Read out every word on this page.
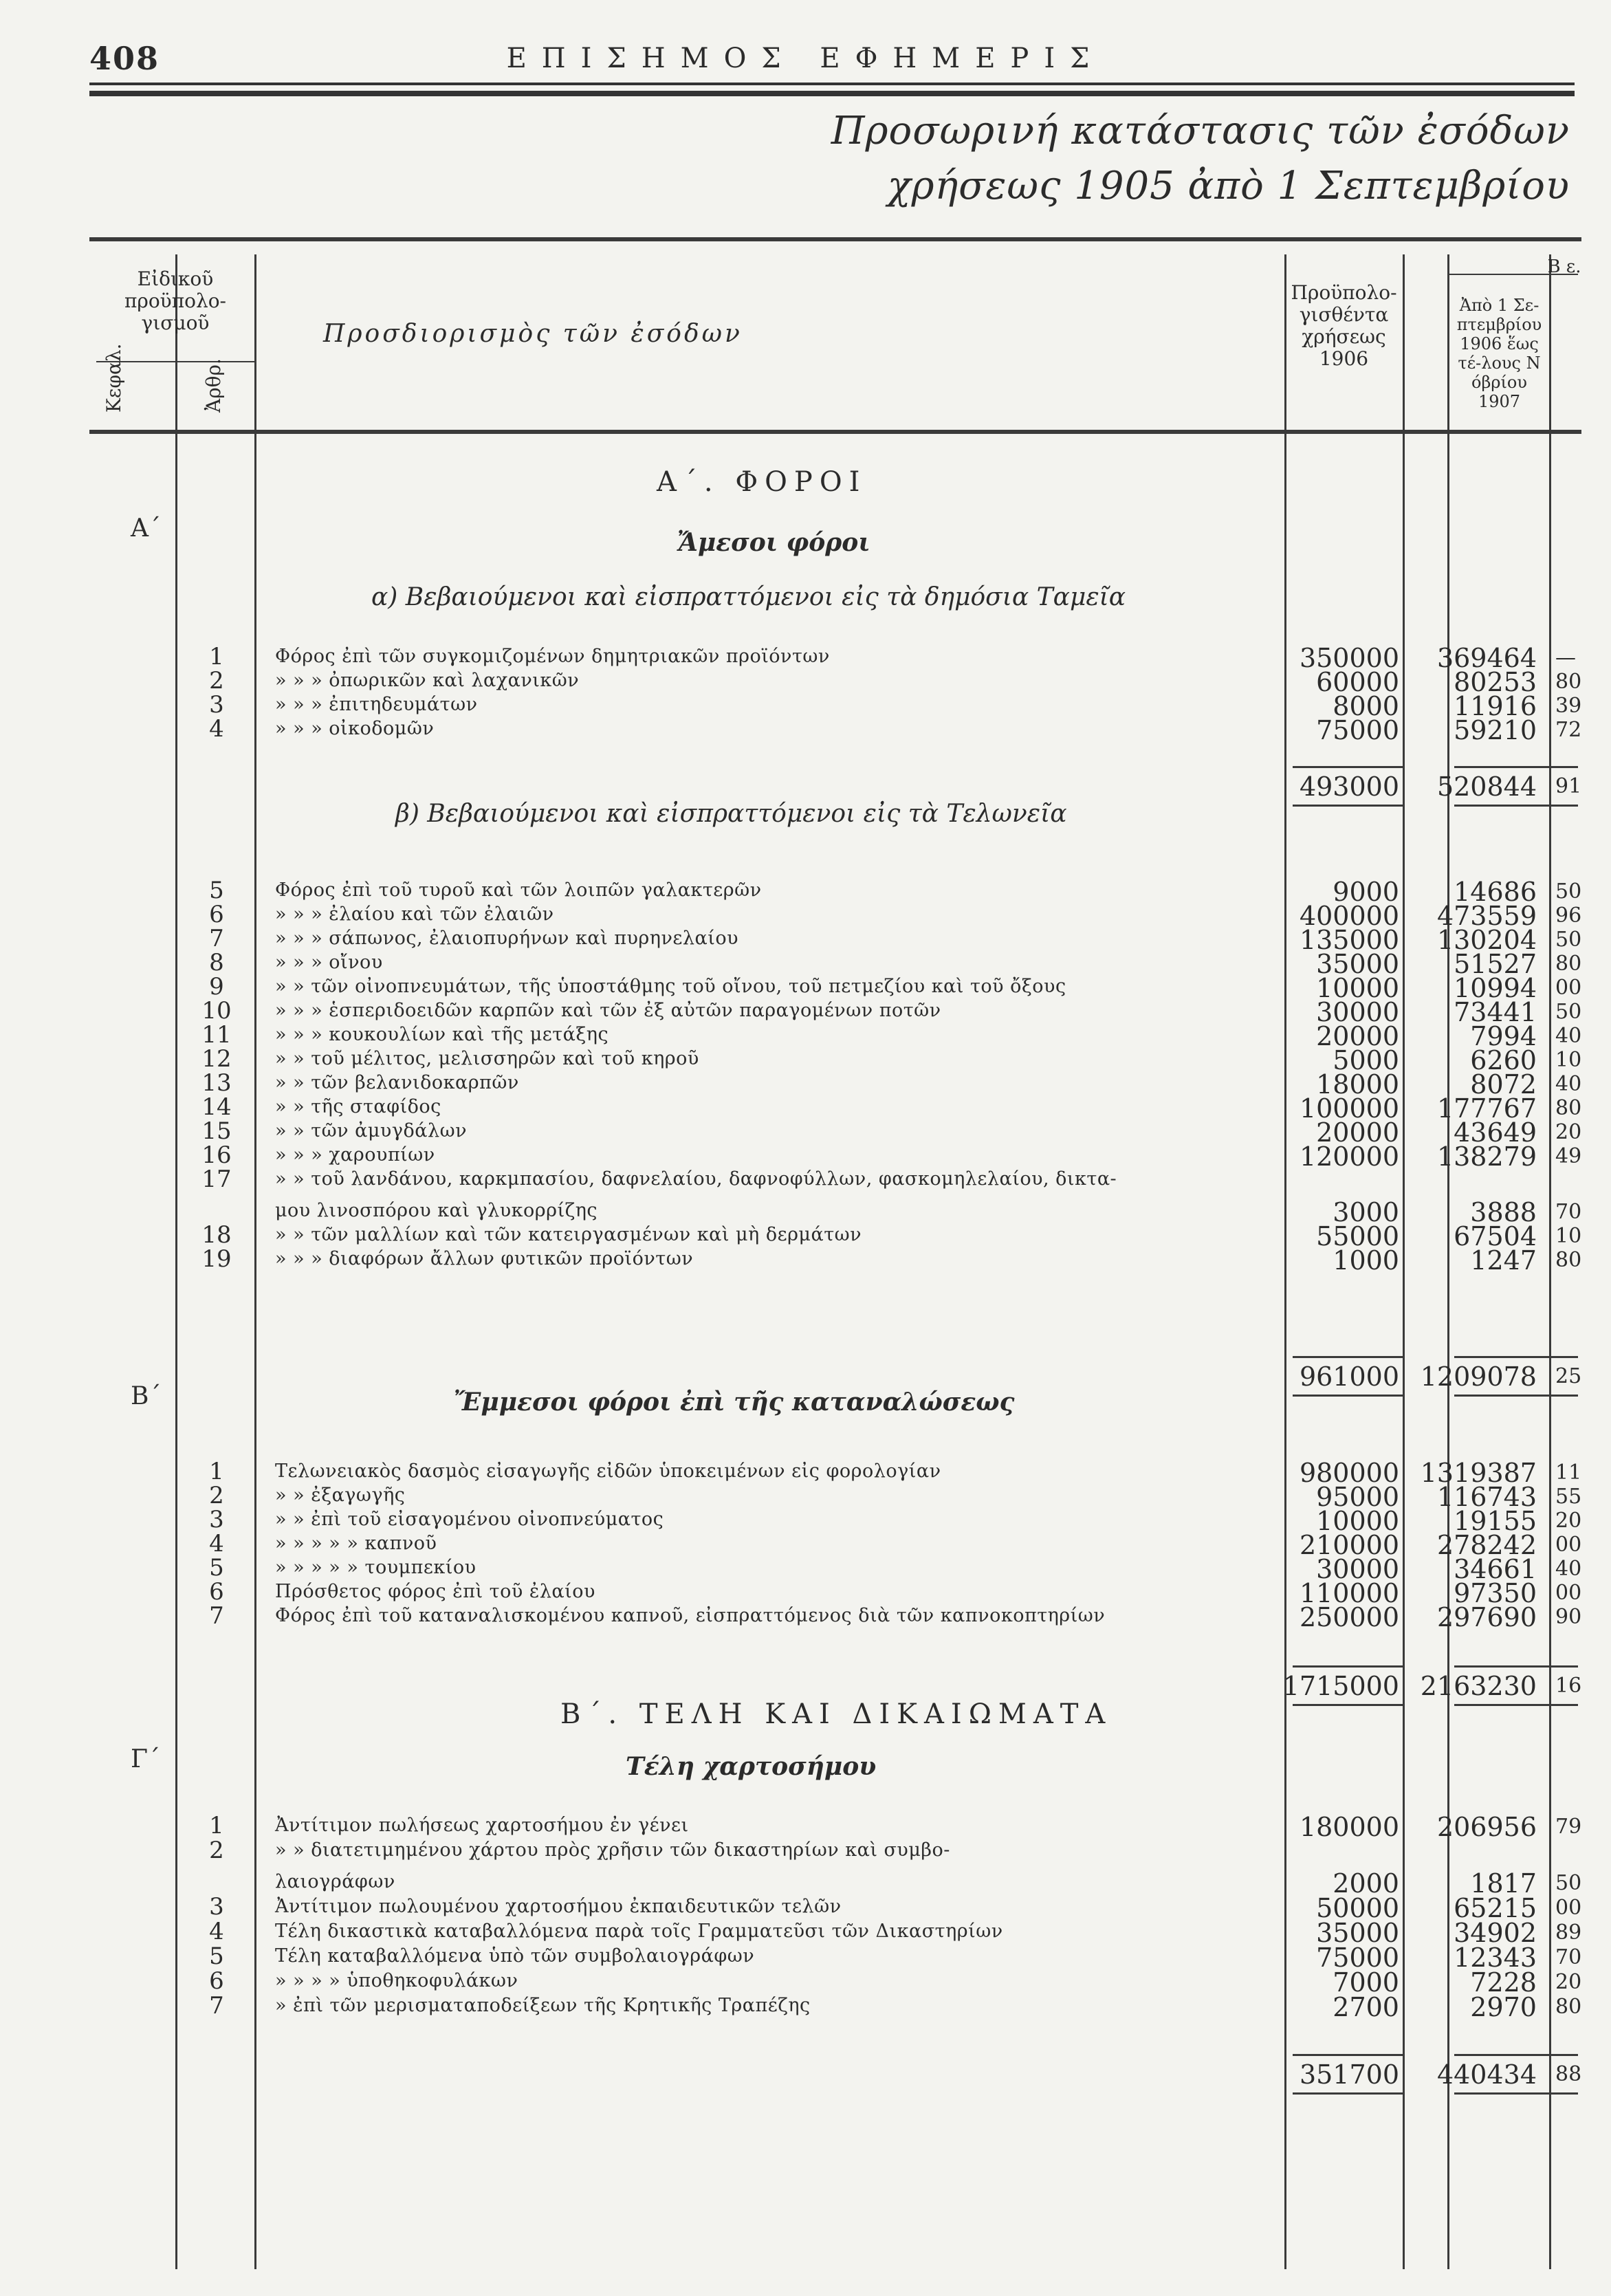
408	ΕΠΙΣΗΜΟΣ ΕΦΗΜΕΡΙΣ
Προσωρινή κατάστασις τῶν ἐσόδων
χρήσεως 1905 ἀπὸ 1 Σεπτεμβρίου
Εἰδικοῦ προϋπολο-γισμοῦ
Κεφαλ.	Ἀρθρ.
Προσδιορισμὸς τῶν ἐσόδων
Προϋπολο-γισθέντα χρήσεως 1906
Β ε.
Ἀπὸ 1 Σε-πτεμβρίου 1906 ἕως τέ-λους Ν όβρίου 1907
Α΄. ΦΟΡΟΙ
Α΄	Ἄμεσοι φόροι
α) Βεβαιούμενοι καὶ εἰσπραττόμενοι εἰς τὰ δημόσια Ταμεῖα
β) Βεβαιούμενοι καὶ εἰσπραττόμενοι εἰς τὰ Τελωνεῖα
Β΄	Ἔμμεσοι φόροι ἐπὶ τῆς καταναλώσεως
Β΄. ΤΕΛΗ ΚΑΙ ΔΙΚΑΙΩΜΑΤΑ
Γ΄	Τέλη χαρτοσήμου
1	Φόρος ἐπὶ τῶν συγκομιζομένων δημητριακῶν προϊόντων	350000	369464 —
2	» » » ὀπωρικῶν καὶ λαχανικῶν	60000	80253 80
3	» » » ἐπιτηδευμάτων	8000	11916 39
4	» » » οἰκοδομῶν	75000	59210 72
493000	520844 91
5	Φόρος ἐπὶ τοῦ τυροῦ καὶ τῶν λοιπῶν γαλακτερῶν	9000	14686 50
6	» » » ἐλαίου καὶ τῶν ἐλαιῶν	400000	473559 96
7	» » » σάπωνος, ἐλαιοπυρήνων καὶ πυρηνελαίου	135000	130204 50
8	» » » οἴνου	35000	51527 80
9	» » τῶν οἰνοπνευμάτων, τῆς ὑποστάθμης τοῦ οἴνου, τοῦ πετμεζίου καὶ τοῦ ὄξους	10000	10994 00
10 » » » ἑσπεριδοειδῶν καρπῶν καὶ τῶν ἐξ αὐτῶν παραγομένων ποτῶν	30000	73441 50
11 » » » κουκουλίων καὶ τῆς μετάξης	20000	7994 40
12 » » τοῦ μέλιτος, μελισσηρῶν καὶ τοῦ κηροῦ	5000	6260 10
13 » » τῶν βελανιδοκαρπῶν	18000	8072 40
14 » » τῆς σταφίδος	100000	177767 80
15 » » τῶν ἀμυγδάλων	20000	43649 20
16 » » » χαρουπίων	120000	138279 49
17 » » τοῦ λανδάνου, καρκμπασίου, δαφνελαίου, δαφνοφύλλων, φασκομηλελαίου, δικτα-
μου λινοσπόρου καὶ γλυκορρίζης	3000	3888 70
18 » » τῶν μαλλίων καὶ τῶν κατειργασμένων καὶ μὴ δερμάτων	55000	67504 10
19 » » » διαφόρων ἄλλων φυτικῶν προϊόντων	1000	1247 80
961000 1209078 25
1	Τελωνειακὸς δασμὸς εἰσαγωγῆς εἰδῶν ὑποκειμένων εἰς φορολογίαν	980000 1319387 11
2	» » ἐξαγωγῆς	95000	116743 55
3	» » ἐπὶ τοῦ εἰσαγομένου οἰνοπνεύματος	10000	19155 20
4	» » » » » καπνοῦ	210000	278242 00
5	» » » » » τουμπεκίου	30000	34661 40
6	Πρόσθετος φόρος ἐπὶ τοῦ ἐλαίου	110000	97350 00
7	Φόρος ἐπὶ τοῦ καταναλισκομένου καπνοῦ, εἰσπραττόμενος διὰ τῶν καπνοκοπτηρίων	250000	297690 90
1715000 2163230 16
1	Ἀντίτιμον πωλήσεως χαρτοσήμου ἐν γένει	180000	206956 79
2	» » διατετιμημένου χάρτου πρὸς χρῆσιν τῶν δικαστηρίων καὶ συμβο-
λαιογράφων	2000	1817 50
3	Ἀντίτιμον πωλουμένου χαρτοσήμου ἐκπαιδευτικῶν τελῶν	50000	65215 00
4	Τέλη δικαστικὰ καταβαλλόμενα παρὰ τοῖς Γραμματεῦσι τῶν Δικαστηρίων	35000	34902 89
5	Τέλη καταβαλλόμενα ὑπὸ τῶν συμβολαιογράφων	75000	12343 70
6	» » » » ὑποθηκοφυλάκων	7000	7228 20
7	» ἐπὶ τῶν μερισματαποδείξεων τῆς Κρητικῆς Τραπέζης	2700	2970 80
351700	440434 88
